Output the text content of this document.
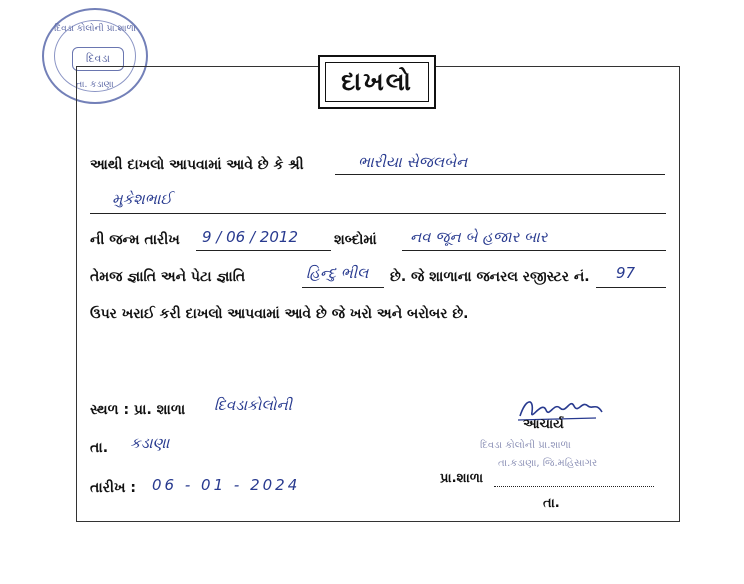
દિવડા કોલોની પ્રા.શાળા
દિવડા
તા. કડાણા	દાખલો
આથી દાખલો આપવામાં આવે છે કે શ્રી	ભારીયા સેજલબેન
મુકેશભાઈ
ની જન્મ તારીખ 9 / 06 / 2012	શબ્દોમાં નવ જૂન બે હજાર બાર
તેમજ જ્ઞાતિ અને પેટા જ્ઞાતિ	હિન્દુ ભીલ છે. જે શાળાના જનરલ રજીસ્ટર નં. 97
ઉપર ખરાઈ કરી દાખલો આપવામાં આવે છે જે ખરો અને બરોબર છે.
સ્થળ : પ્રા. શાળા દિવડાકોલોની
તા. કડાણા
તારીખ : 06 - 01 - 2024
આચાર્ય
દિવડા કોલોની પ્રા.શાળા
તા.કડાણા, જિ.મહિસાગર
પ્રા.શાળા
તા.
